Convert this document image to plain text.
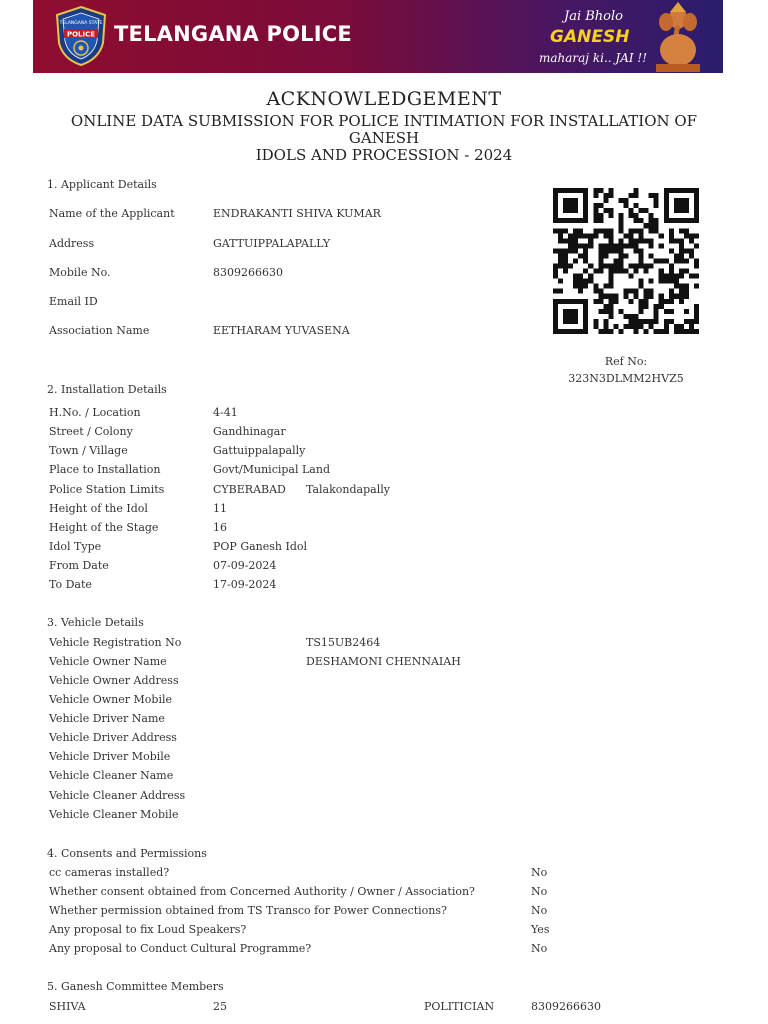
TELANGANA STATE
POLICE TELANGANA POLICE
Jai Bholo
GANESH
maharaj ki.. JAI !!
ACKNOWLEDGEMENT
ONLINE DATA SUBMISSION FOR POLICE INTIMATION FOR INSTALLATION OF GANESH
IDOLS AND PROCESSION - 2024
1. Applicant Details
Name of the Applicant	ENDRAKANTI SHIVA KUMAR
Address	GATTUIPPALAPALLY
Mobile No.	8309266630
Email ID
Association Name	EETHARAM YUVASENA
Ref No:
323N3DLMM2HVZ5
2. Installation Details
H.No. / Location	4-41
Street / Colony	Gandhinagar
Town / Village	Gattuippalapally
Place to Installation	Govt/Municipal Land
Police Station Limits	CYBERABAD Talakondapally
Height of the Idol	11
Height of the Stage	16
Idol Type	POP Ganesh Idol
From Date	07-09-2024
To Date	17-09-2024
3. Vehicle Details
Vehicle Registration No	TS15UB2464
Vehicle Owner Name	DESHAMONI CHENNAIAH
Vehicle Owner Address
Vehicle Owner Mobile
Vehicle Driver Name
Vehicle Driver Address
Vehicle Driver Mobile
Vehicle Cleaner Name
Vehicle Cleaner Address
Vehicle Cleaner Mobile
4. Consents and Permissions
cc cameras installed?	No
Whether consent obtained from Concerned Authority / Owner / Association?	No
Whether permission obtained from TS Transco for Power Connections?	No
Any proposal to fix Loud Speakers?	Yes
Any proposal to Conduct Cultural Programme?	No
5. Ganesh Committee Members
SHIVA	25	POLITICIAN	8309266630
